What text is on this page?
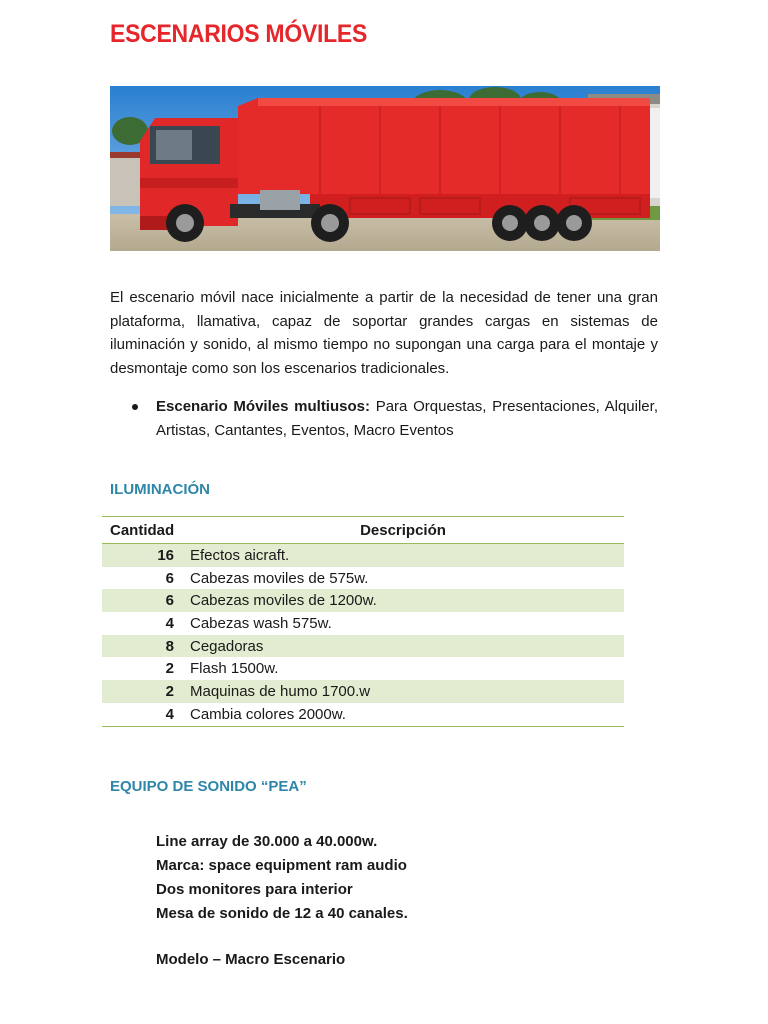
ESCENARIOS MÓVILES

El escenario móvil nace inicialmente a partir de la necesidad de tener una gran plataforma, llamativa, capaz de soportar grandes cargas en sistemas de iluminación y sonido, al mismo tiempo no supongan una carga para el montaje y desmontaje como son los escenarios tradicionales.

Escenario Móviles multiusos: Para Orquestas, Presentaciones, Alquiler, Artistas, Cantantes, Eventos, Macro Eventos
ILUMINACIÓN
Cantidad	Descripción
16	Efectos aicraft.
6	Cabezas moviles de 575w.
6	Cabezas moviles de 1200w.
4	Cabezas wash 575w.
8	Cegadoras
2	Flash 1500w.
2	Maquinas de humo 1700.w
4	Cambia colores 2000w.
EQUIPO DE SONIDO “PEA”
Line array de 30.000 a 40.000w.
Marca: space equipment ram audio
Dos monitores para interior
Mesa de sonido de 12 a 40 canales.
Modelo – Macro Escenario
